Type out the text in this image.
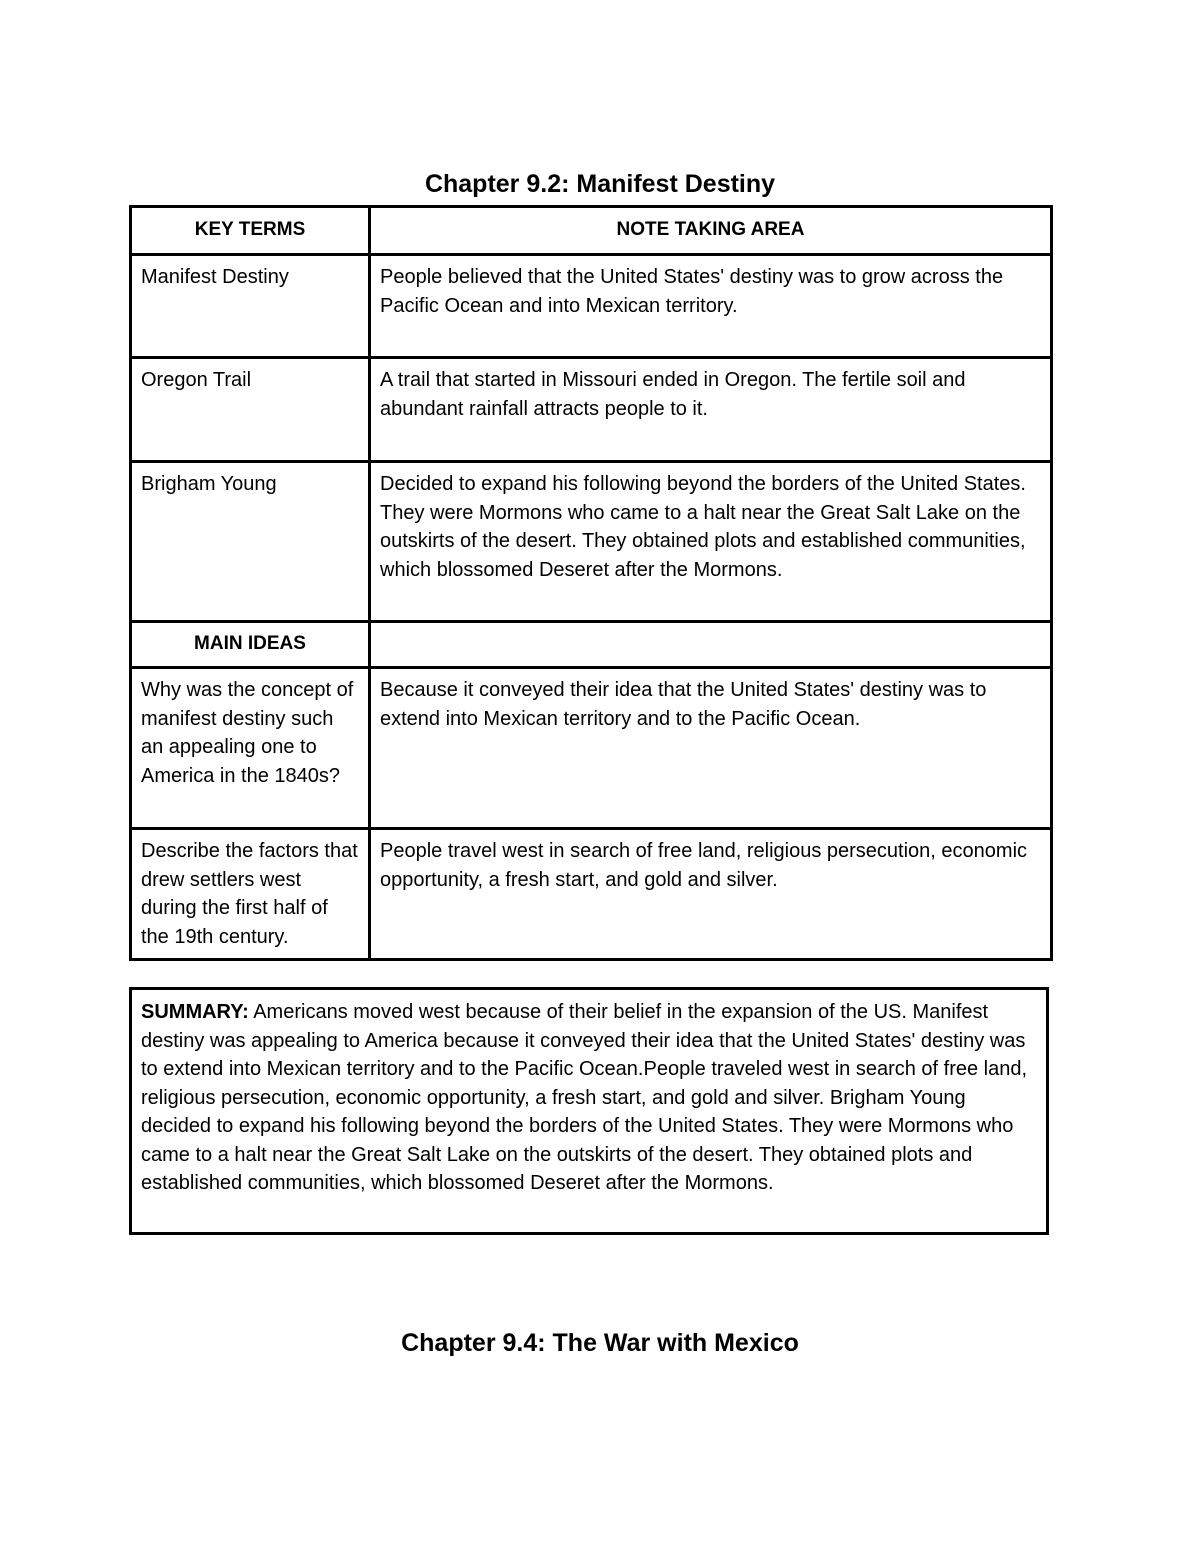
Chapter 9.2: Manifest Destiny
KEY TERMS	NOTE TAKING AREA
Manifest Destiny	People believed that the United States' destiny was to grow across the Pacific Ocean and into Mexican territory.
Oregon Trail	A trail that started in Missouri ended in Oregon. The fertile soil and abundant rainfall attracts people to it.
Brigham Young	Decided to expand his following beyond the borders of the United States. They were Mormons who came to a halt near the Great Salt Lake on the outskirts of the desert. They obtained plots and established communities, which blossomed Deseret after the Mormons.
MAIN IDEAS	
Why was the concept of manifest destiny such an appealing one to America in the 1840s?	Because it conveyed their idea that the United States' destiny was to extend into Mexican territory and to the Pacific Ocean.
Describe the factors that drew settlers west during the first half of the 19th century.	People travel west in search of free land, religious persecution, economic opportunity, a fresh start, and gold and silver.
SUMMARY: Americans moved west because of their belief in the expansion of the US. Manifest destiny was appealing to America because it conveyed their idea that the United States' destiny was to extend into Mexican territory and to the Pacific Ocean.People traveled west in search of free land, religious persecution, economic opportunity, a fresh start, and gold and silver. Brigham Young decided to expand his following beyond the borders of the United States. They were Mormons who came to a halt near the Great Salt Lake on the outskirts of the desert. They obtained plots and established communities, which blossomed Deseret after the Mormons.
Chapter 9.4: The War with Mexico
